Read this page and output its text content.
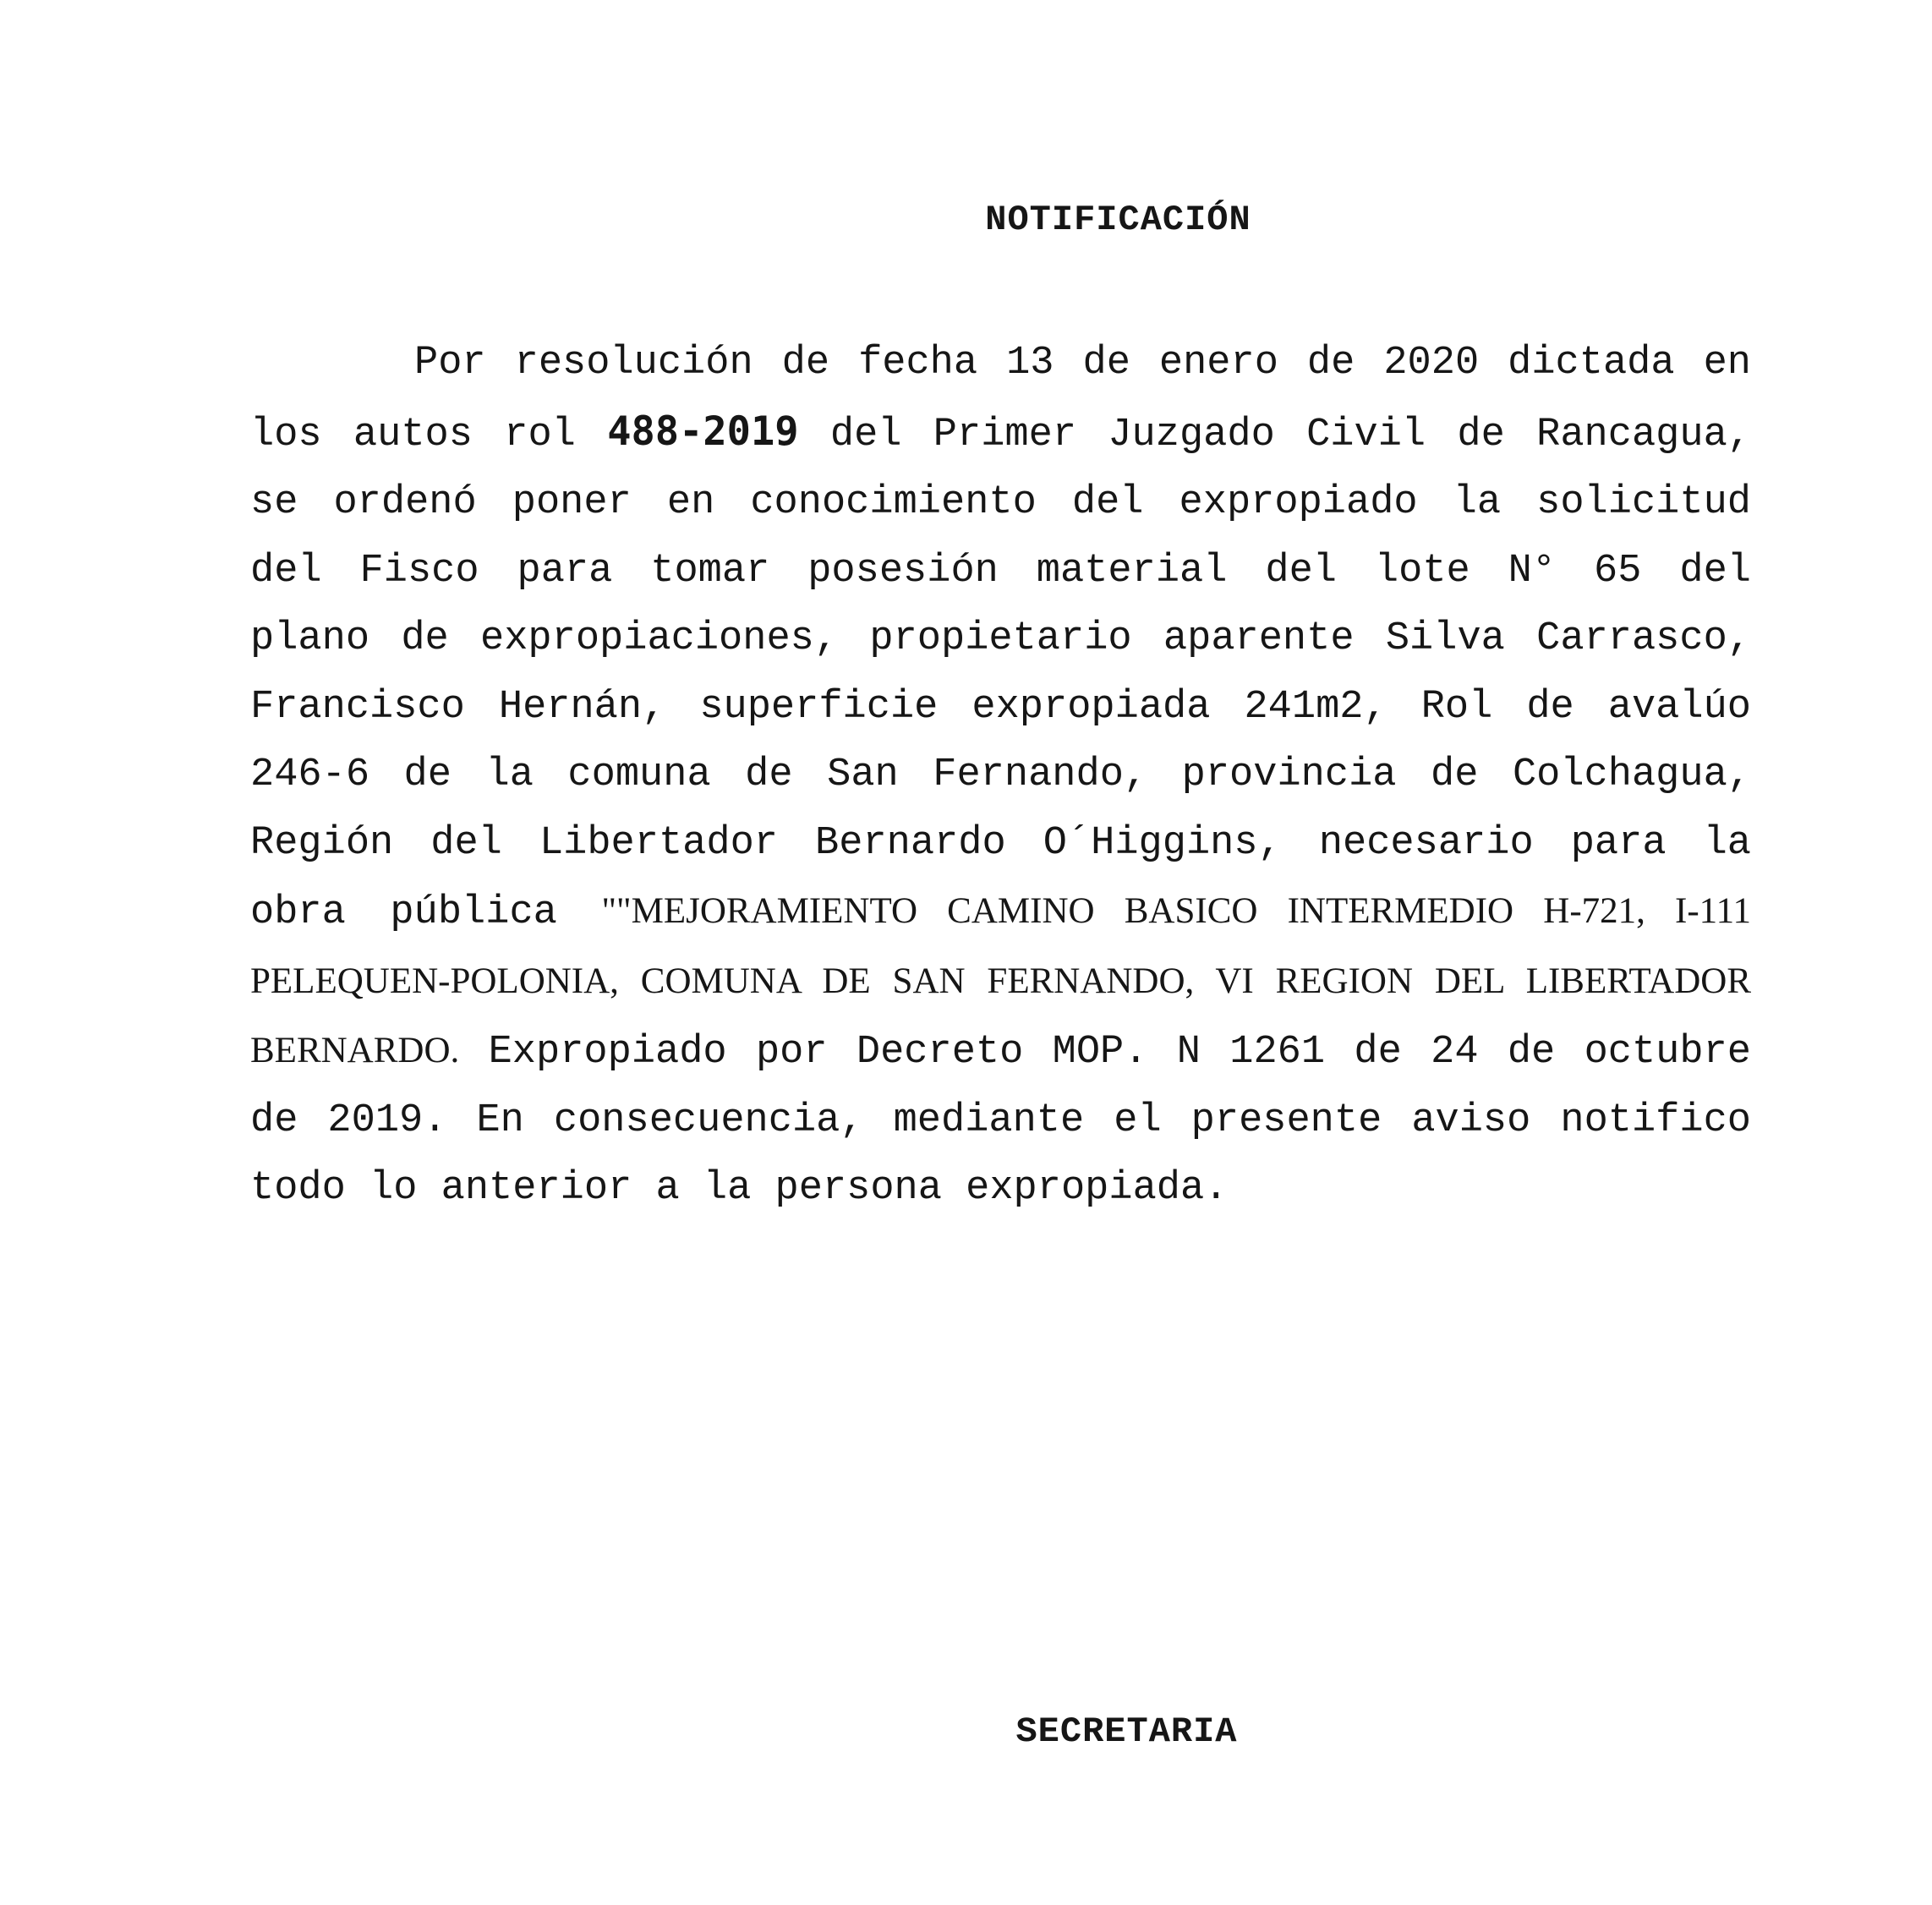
NOTIFICACIÓN

Por resolución de fecha 13 de enero de 2020 dictada en los autos rol 488-2019 del Primer Juzgado Civil de Rancagua, se ordenó poner en conocimiento del expropiado la solicitud del Fisco para tomar posesión material del lote N° 65 del plano de expropiaciones, propietario aparente Silva Carrasco, Francisco Hernán, superficie expropiada 241m2, Rol de avalúo 246-6 de la comuna de San Fernando, provincia de Colchagua, Región del Libertador Bernardo O´Higgins, necesario para la obra pública ""MEJORAMIENTO CAMINO BASICO INTERMEDIO H-721, I-111 PELEQUEN-POLONIA, COMUNA DE SAN FERNANDO, VI REGION DEL LIBERTADOR BERNARDO. Expropiado por Decreto MOP. N 1261 de 24 de octubre de 2019. En consecuencia, mediante el presente aviso notifico todo lo anterior a la persona expropiada.

SECRETARIA
